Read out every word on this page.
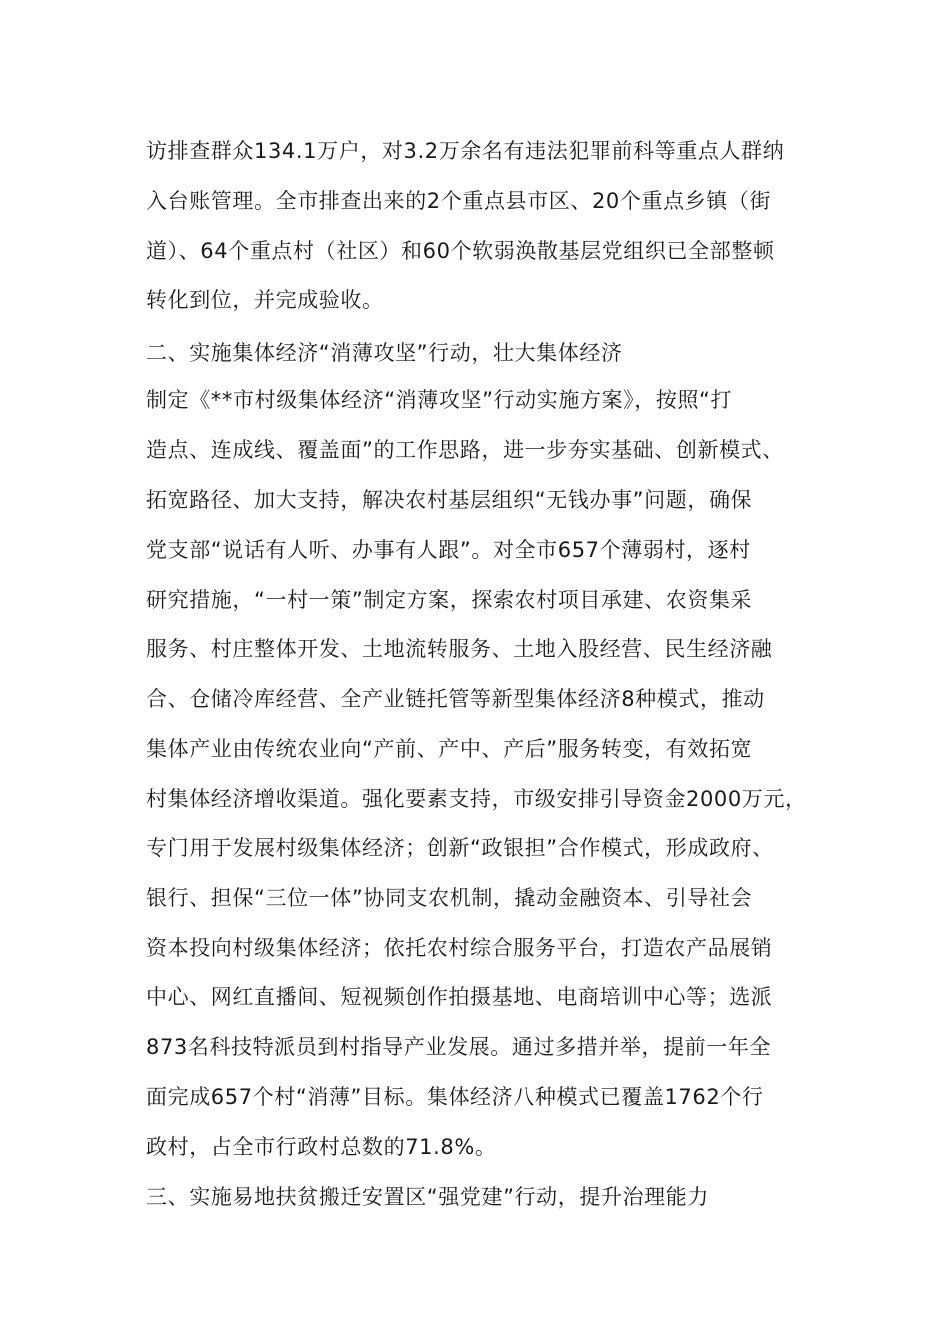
访排查群众134.1万户，对3.2万余名有违法犯罪前科等重点人群纳
入台账管理。全市排查出来的2个重点县市区、20个重点乡镇（街
道）、64个重点村（社区）和60个软弱涣散基层党组织已全部整顿
转化到位，并完成验收。
二、实施集体经济“消薄攻坚”行动，壮大集体经济
制定《**市村级集体经济“消薄攻坚”行动实施方案》，按照“打
造点、连成线、覆盖面”的工作思路，进一步夯实基础、创新模式、
拓宽路径、加大支持，解决农村基层组织“无钱办事”问题，确保
党支部“说话有人听、办事有人跟”。对全市657个薄弱村，逐村
研究措施，“一村一策”制定方案，探索农村项目承建、农资集采
服务、村庄整体开发、土地流转服务、土地入股经营、民生经济融
合、仓储冷库经营、全产业链托管等新型集体经济8种模式，推动
集体产业由传统农业向“产前、产中、产后”服务转变，有效拓宽
村集体经济增收渠道。强化要素支持，市级安排引导资金2000万元，
专门用于发展村级集体经济；创新“政银担”合作模式，形成政府、
银行、担保“三位一体”协同支农机制，撬动金融资本、引导社会
资本投向村级集体经济；依托农村综合服务平台，打造农产品展销
中心、网红直播间、短视频创作拍摄基地、电商培训中心等；选派
873名科技特派员到村指导产业发展。通过多措并举，提前一年全
面完成657个村“消薄”目标。集体经济八种模式已覆盖1762个行
政村，占全市行政村总数的71.8%。
三、实施易地扶贫搬迁安置区“强党建”行动，提升治理能力
